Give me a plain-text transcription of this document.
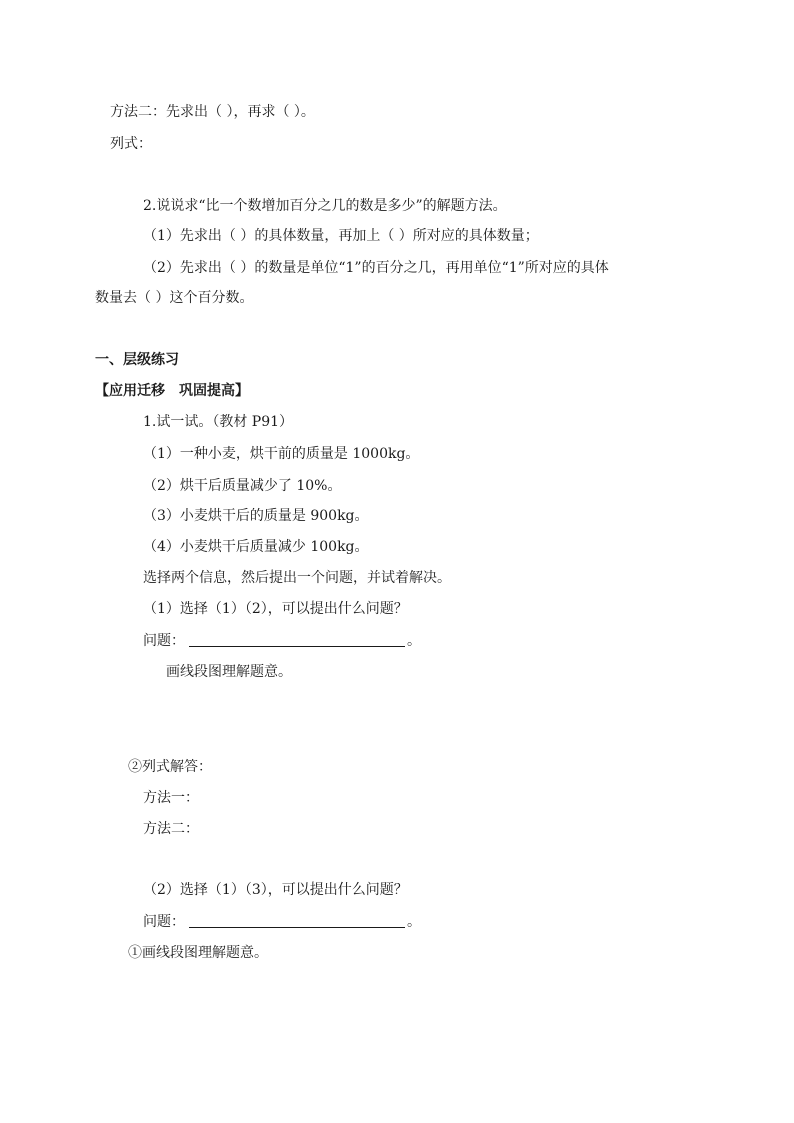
方法二：先求出（ ），再求（ ）。
列式：
2.说说求“比一个数增加百分之几的数是多少”的解题方法。
（1）先求出（ ）的具体数量，再加上（ ）所对应的具体数量；
（2）先求出（ ）的数量是单位“1”的百分之几，再用单位“1”所对应的具体
数量去（ ）这个百分数。
一、层级练习
【应用迁移　巩固提高】
1.试一试。（教材 P91）
（1）一种小麦，烘干前的质量是 1000kg。
（2）烘干后质量减少了 10%。
（3）小麦烘干后的质量是 900kg。
（4）小麦烘干后质量减少 100kg。
选择两个信息，然后提出一个问题，并试着解决。
（1）选择（1）（2），可以提出什么问题？
问题：	。
画线段图理解题意。
②列式解答：
方法一：
方法二：
（2）选择（1）（3），可以提出什么问题？
问题：	。
①画线段图理解题意。
